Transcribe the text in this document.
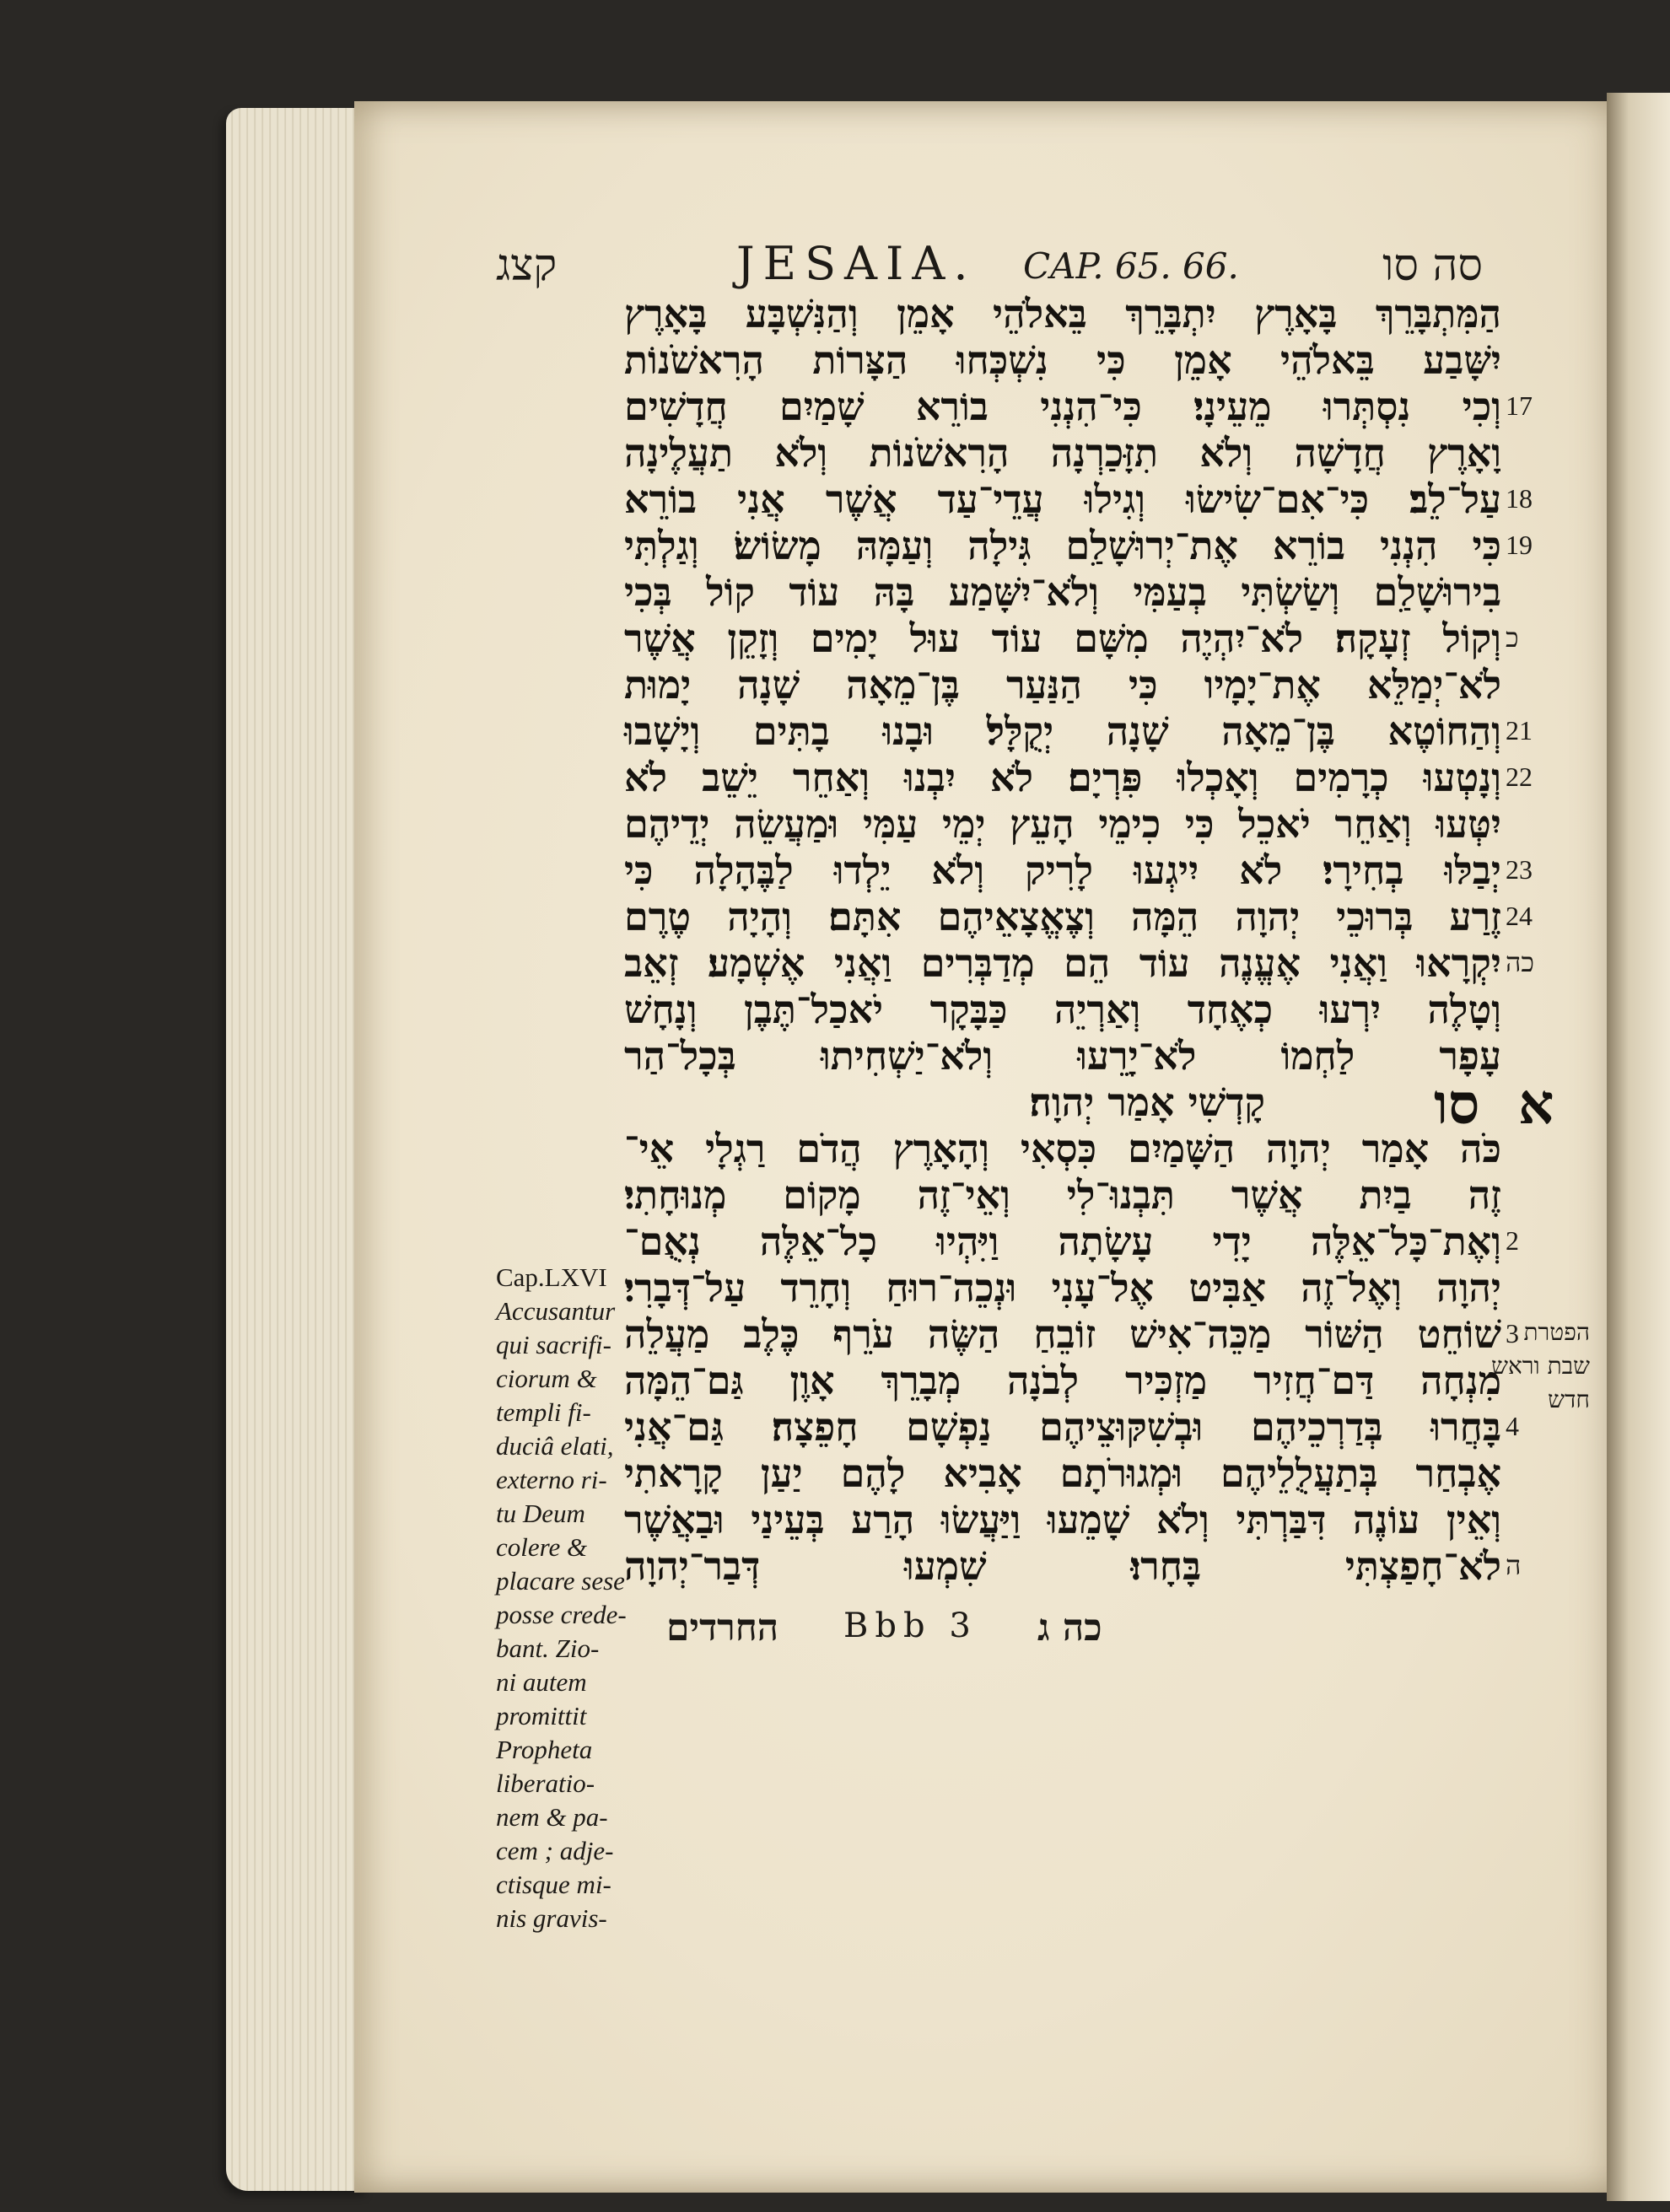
קצג	JESAIA. CAP. 65. 66.	סה סו
הַמִּתְבָּרֵךְ בָּאָרֶץ יִתְבָּרֵךְ בֵּאלֹהֵי אָמֵן וְהַנִּשְׁבָּע בָּאָרֶץ
יִשָּׁבַע בֵּאלֹהֵי אָמֵן כִּי נִשְׁכְּחוּ הַצָּרוֹת הָרִאשֹׁנוֹת
וְכִי נִסְתְּרוּ מֵעֵינָי׃ כִּי־הִנְנִי בוֹרֵא שָׁמַיִם חֲדָשִׁים
וָאָרֶץ חֲדָשָׁה וְלֹא תִזָּכַרְנָה הָרִאשֹׁנוֹת וְלֹא תַעֲלֶינָה
עַל־לֵב׃ כִּי־אִם־שִׂישׂוּ וְגִילוּ עֲדֵי־עַד אֲשֶׁר אֲנִי בוֹרֵא
כִּי הִנְנִי בוֹרֵא אֶת־יְרוּשָׁלִַם גִּילָה וְעַמָּהּ מָשׂוֹשׂ׃ וְגַלְתִּי
בִירוּשָׁלִַם וְשַׂשְׂתִּי בְעַמִּי וְלֹא־יִשָּׁמַע בָּהּ עוֹד קוֹל בְּכִי
וְקוֹל זְעָקָה׃ לֹא־יִהְיֶה מִשָּׁם עוֹד עוּל יָמִים וְזָקֵן אֲשֶׁר
לֹא־יְמַלֵּא אֶת־יָמָיו כִּי הַנַּעַר בֶּן־מֵאָה שָׁנָה יָמוּת
וְהַחוֹטֶא בֶּן־מֵאָה שָׁנָה יְקֻלָּל׃ וּבָנוּ בָתִּים וְיָשָׁבוּ
וְנָטְעוּ כְרָמִים וְאָכְלוּ פִּרְיָם׃ לֹא יִבְנוּ וְאַחֵר יֵשֵׁב לֹא
יִטְּעוּ וְאַחֵר יֹאכֵל כִּי כִימֵי הָעֵץ יְמֵי עַמִּי וּמַעֲשֵׂה יְדֵיהֶם
יְבַלּוּ בְחִירָי׃ לֹא יִיגְעוּ לָרִיק וְלֹא יֵלְדוּ לַבֶּהָלָה כִּי
זֶרַע בְּרוּכֵי יְהוָה הֵמָּה וְצֶאֱצָאֵיהֶם אִתָּם׃ וְהָיָה טֶרֶם
יִקְרָאוּ וַאֲנִי אֶעֱנֶה עוֹד הֵם מְדַבְּרִים וַאֲנִי אֶשְׁמָע׃ זְאֵב
וְטָלֶה יִרְעוּ כְאֶחָד וְאַרְיֵה כַּבָּקָר יֹאכַל־תֶּבֶן וְנָחָשׁ
עָפָר לַחְמוֹ לֹא־יָרֵעוּ וְלֹא־יַשְׁחִיתוּ בְּכָל־הַר
קָדְשִׁי אָמַר יְהוָה׃
כֹּה אָמַר יְהוָה הַשָּׁמַיִם כִּסְאִי וְהָאָרֶץ הֲדֹם רַגְלָי אֵי־
זֶה בַיִת אֲשֶׁר תִּבְנוּ־לִי וְאֵי־זֶה מָקוֹם מְנוּחָתִי׃
וְאֶת־כָּל־אֵלֶּה יָדִי עָשָׂתָה וַיִּהְיוּ כָל־אֵלֶּה נְאֻם־
יְהוָה וְאֶל־זֶה אַבִּיט אֶל־עָנִי וּנְכֵה־רוּחַ וְחָרֵד עַל־דְּבָרִי׃
שׁוֹחֵט הַשּׁוֹר מַכֵּה־אִישׁ זוֹבֵחַ הַשֶּׂה עֹרֵף כֶּלֶב מַעֲלֵה
מִנְחָה דַּם־חֲזִיר מַזְכִּיר לְבֹנָה מְבָרֵךְ אָוֶן גַּם־הֵמָּה
בָּחֲרוּ בְּדַרְכֵיהֶם וּבְשִׁקּוּצֵיהֶם נַפְשָׁם חָפֵצָה׃ גַּם־אֲנִי
אֶבְחַר בְּתַעֲלֻלֵיהֶם וּמְגוּרֹתָם אָבִיא לָהֶם יַעַן קָרָאתִי
וְאֵין עוֹנֶה דִּבַּרְתִּי וְלֹא שָׁמֵעוּ וַיַּעֲשׂוּ הָרַע בְּעֵינַי וּבַאֲשֶׁר
לֹא־חָפַצְתִּי בָּחָרוּ׃ שִׁמְעוּ דְּבַר־יְהוָה
Cap.LXVI
Accusantur
qui sacrifi-
ciorum &
templi fi-
duciâ elati,
externo ri-
tu Deum
colere &
placare sese
posse crede-
bant. Zio-
ni autem
promittit
Propheta
liberatio-
nem & pa-
cem ; adje-
ctisque mi-
nis gravis-
הפטרת
שבת וראש
חדש
א
החרדים Bbb 3 כה ג
17
18
19
כ
21
22
23
24
כה
2
3
4
ה
סו
